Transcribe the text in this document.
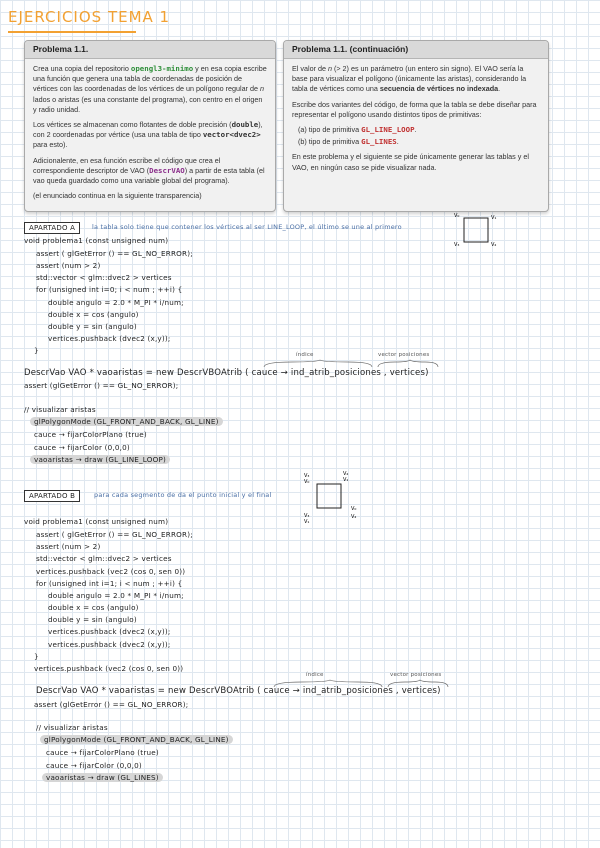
EJERCICIOS TEMA 1
Problema 1.1.

Crea una copia del repositorio opengl3-minimo y en esa copia escribe una función que genera una tabla de coordenadas de posición de vértices con las coordenadas de los vértices de un polígono regular de n lados o aristas (es una constante del programa), con centro en el origen y radio unidad.

Los vértices se almacenan como flotantes de doble precisión (double), con 2 coordenadas por vértice (usa una tabla de tipo vector<dvec2> para esto).

Adicionalente, en esa función escribe el código que crea el correspondiente descriptor de VAO (DescrVAO) a partir de esta tabla (el vao queda guardado como una variable global del programa).

(el enunciado continua en la siguiente transparencia)

Problema 1.1. (continuación)

El valor de n (> 2) es un parámetro (un entero sin signo). El VAO sería la base para visualizar el polígono (únicamente las aristas), considerando la tabla de vértices como una secuencia de vértices no indexada.

Escribe dos variantes del código, de forma que la tabla se debe diseñar para representar el polígono usando distintos tipos de primitivas:

(a) tipo de primitiva GL_LINE_LOOP.
(b) tipo de primitiva GL_LINES.

En este problema y el siguiente se pide únicamente generar las tablas y el VAO, en ningún caso se pide visualizar nada.

APARTADO A	la tabla solo tiene que contener los vértices al ser LINE_LOOP, el último se une al primero
V₀	V₁
V₂
V₃
void problema1 (const unsigned num)
assert ( glGetError () == GL_NO_ERROR);
assert (num > 2)
std::vector < glm::dvec2 > vertices
for (unsigned int i=0; i < num ; ++i) {
double angulo = 2.0 * M_PI * i/num;
double x = cos (angulo)
double y = sin (angulo)
vertices.pushback (dvec2 (x,y));
}	índice	vector posiciones
DescrVao VAO * vaoaristas = new DescrVBOAtrib ( cauce → ind_atrib_posiciones , vertices)
assert (glGetError () == GL_NO_ERROR);
// visualizar aristas
glPolygonMode (GL_FRONT_AND_BACK, GL_LINE)
cauce → fijarColorPlano (true)
cauce → fijarColor (0,0,0)
vaoaristas → draw (GL_LINE_LOOP)
APARTADO B	para cada segmento de da el punto inicial y el final
V₃
V₀
V₂
V₁
V₀
V₃
V₁
V₂
void problema1 (const unsigned num)
assert ( glGetError () == GL_NO_ERROR);
assert (num > 2)
std::vector < glm::dvec2 > vertices
vertices.pushback (vec2 (cos 0, sen 0))
for (unsigned int i=1; i < num ; ++i) {
double angulo = 2.0 * M_PI * i/num;
double x = cos (angulo)
double y = sin (angulo)
vertices.pushback (dvec2 (x,y));
vertices.pushback (dvec2 (x,y));
}
vertices.pushback (vec2 (cos 0, sen 0))
índice	vector posiciones
DescrVao VAO * vaoaristas = new DescrVBOAtrib ( cauce → ind_atrib_posiciones , vertices)
assert (glGetError () == GL_NO_ERROR);
// visualizar aristas
glPolygonMode (GL_FRONT_AND_BACK, GL_LINE)
cauce → fijarColorPlano (true)
cauce → fijarColor (0,0,0)
vaoaristas → draw (GL_LINES)
